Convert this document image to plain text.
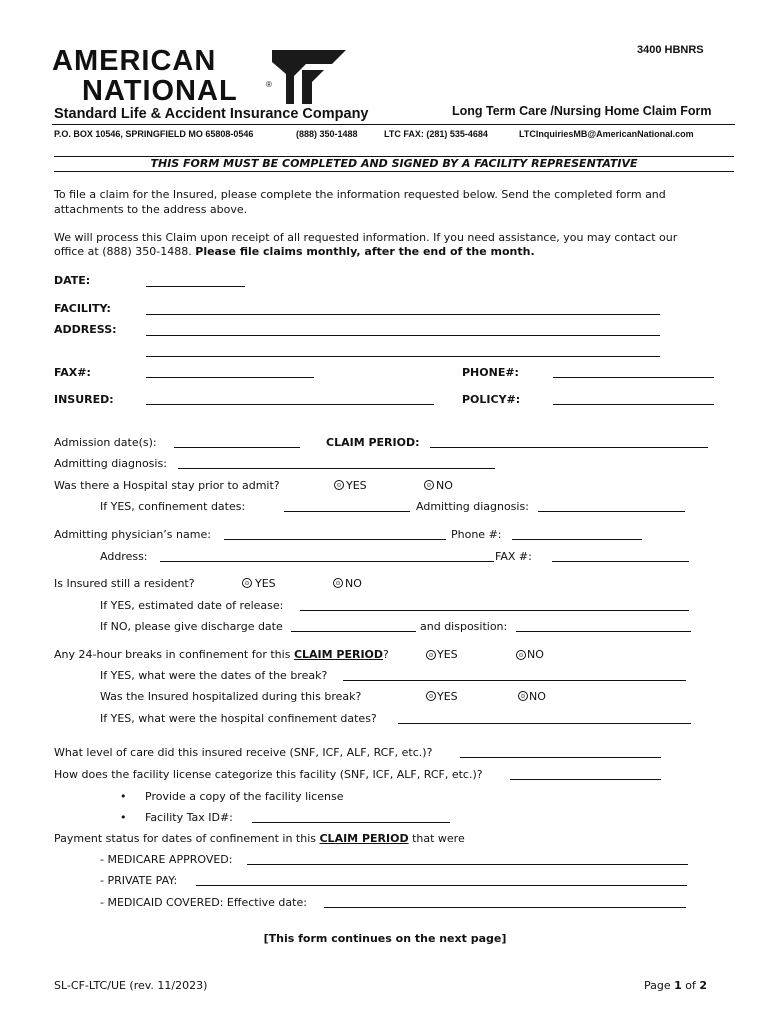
3400 HBNRS
AMERICAN
NATIONAL	®
Standard Life & Accident Insurance Company	Long Term Care /Nursing Home Claim Form
P.O. BOX 10546, SPRINGFIELD MO 65808-0546	(888) 350-1488	LTC FAX: (281) 535-4684	LTCInquiriesMB@AmericanNational.com
THIS FORM MUST BE COMPLETED AND SIGNED BY A FACILITY REPRESENTATIVE
To file a claim for the Insured, please complete the information requested below. Send the completed form and
attachments to the address above.
We will process this Claim upon receipt of all requested information. If you need assistance, you may contact our
office at (888) 350-1488. Please file claims monthly, after the end of the month.
DATE:
FACILITY:
ADDRESS:
FAX#:	PHONE#:
INSURED:	POLICY#:
Admission date(s):	CLAIM PERIOD:
Admitting diagnosis:
Was there a Hospital stay prior to admit?	YES	NO
If YES, confinement dates:	Admitting diagnosis:
Admitting physician’s name:	Phone #:
Address:	FAX #:
Is Insured still a resident?	YES	NO
If YES, estimated date of release:
If NO, please give discharge date	and disposition:
Any 24-hour breaks in confinement for this CLAIM PERIOD?	YES	NO
If YES, what were the dates of the break?
Was the Insured hospitalized during this break?	YES	NO
If YES, what were the hospital confinement dates?
What level of care did this insured receive (SNF, ICF, ALF, RCF, etc.)?
How does the facility license categorize this facility (SNF, ICF, ALF, RCF, etc.)?
• Provide a copy of the facility license
• Facility Tax ID#:
Payment status for dates of confinement in this CLAIM PERIOD that were
- MEDICARE APPROVED:
- PRIVATE PAY:
- MEDICAID COVERED: Effective date:
[This form continues on the next page]
SL-CF-LTC/UE (rev. 11/2023)	Page 1 of 2
